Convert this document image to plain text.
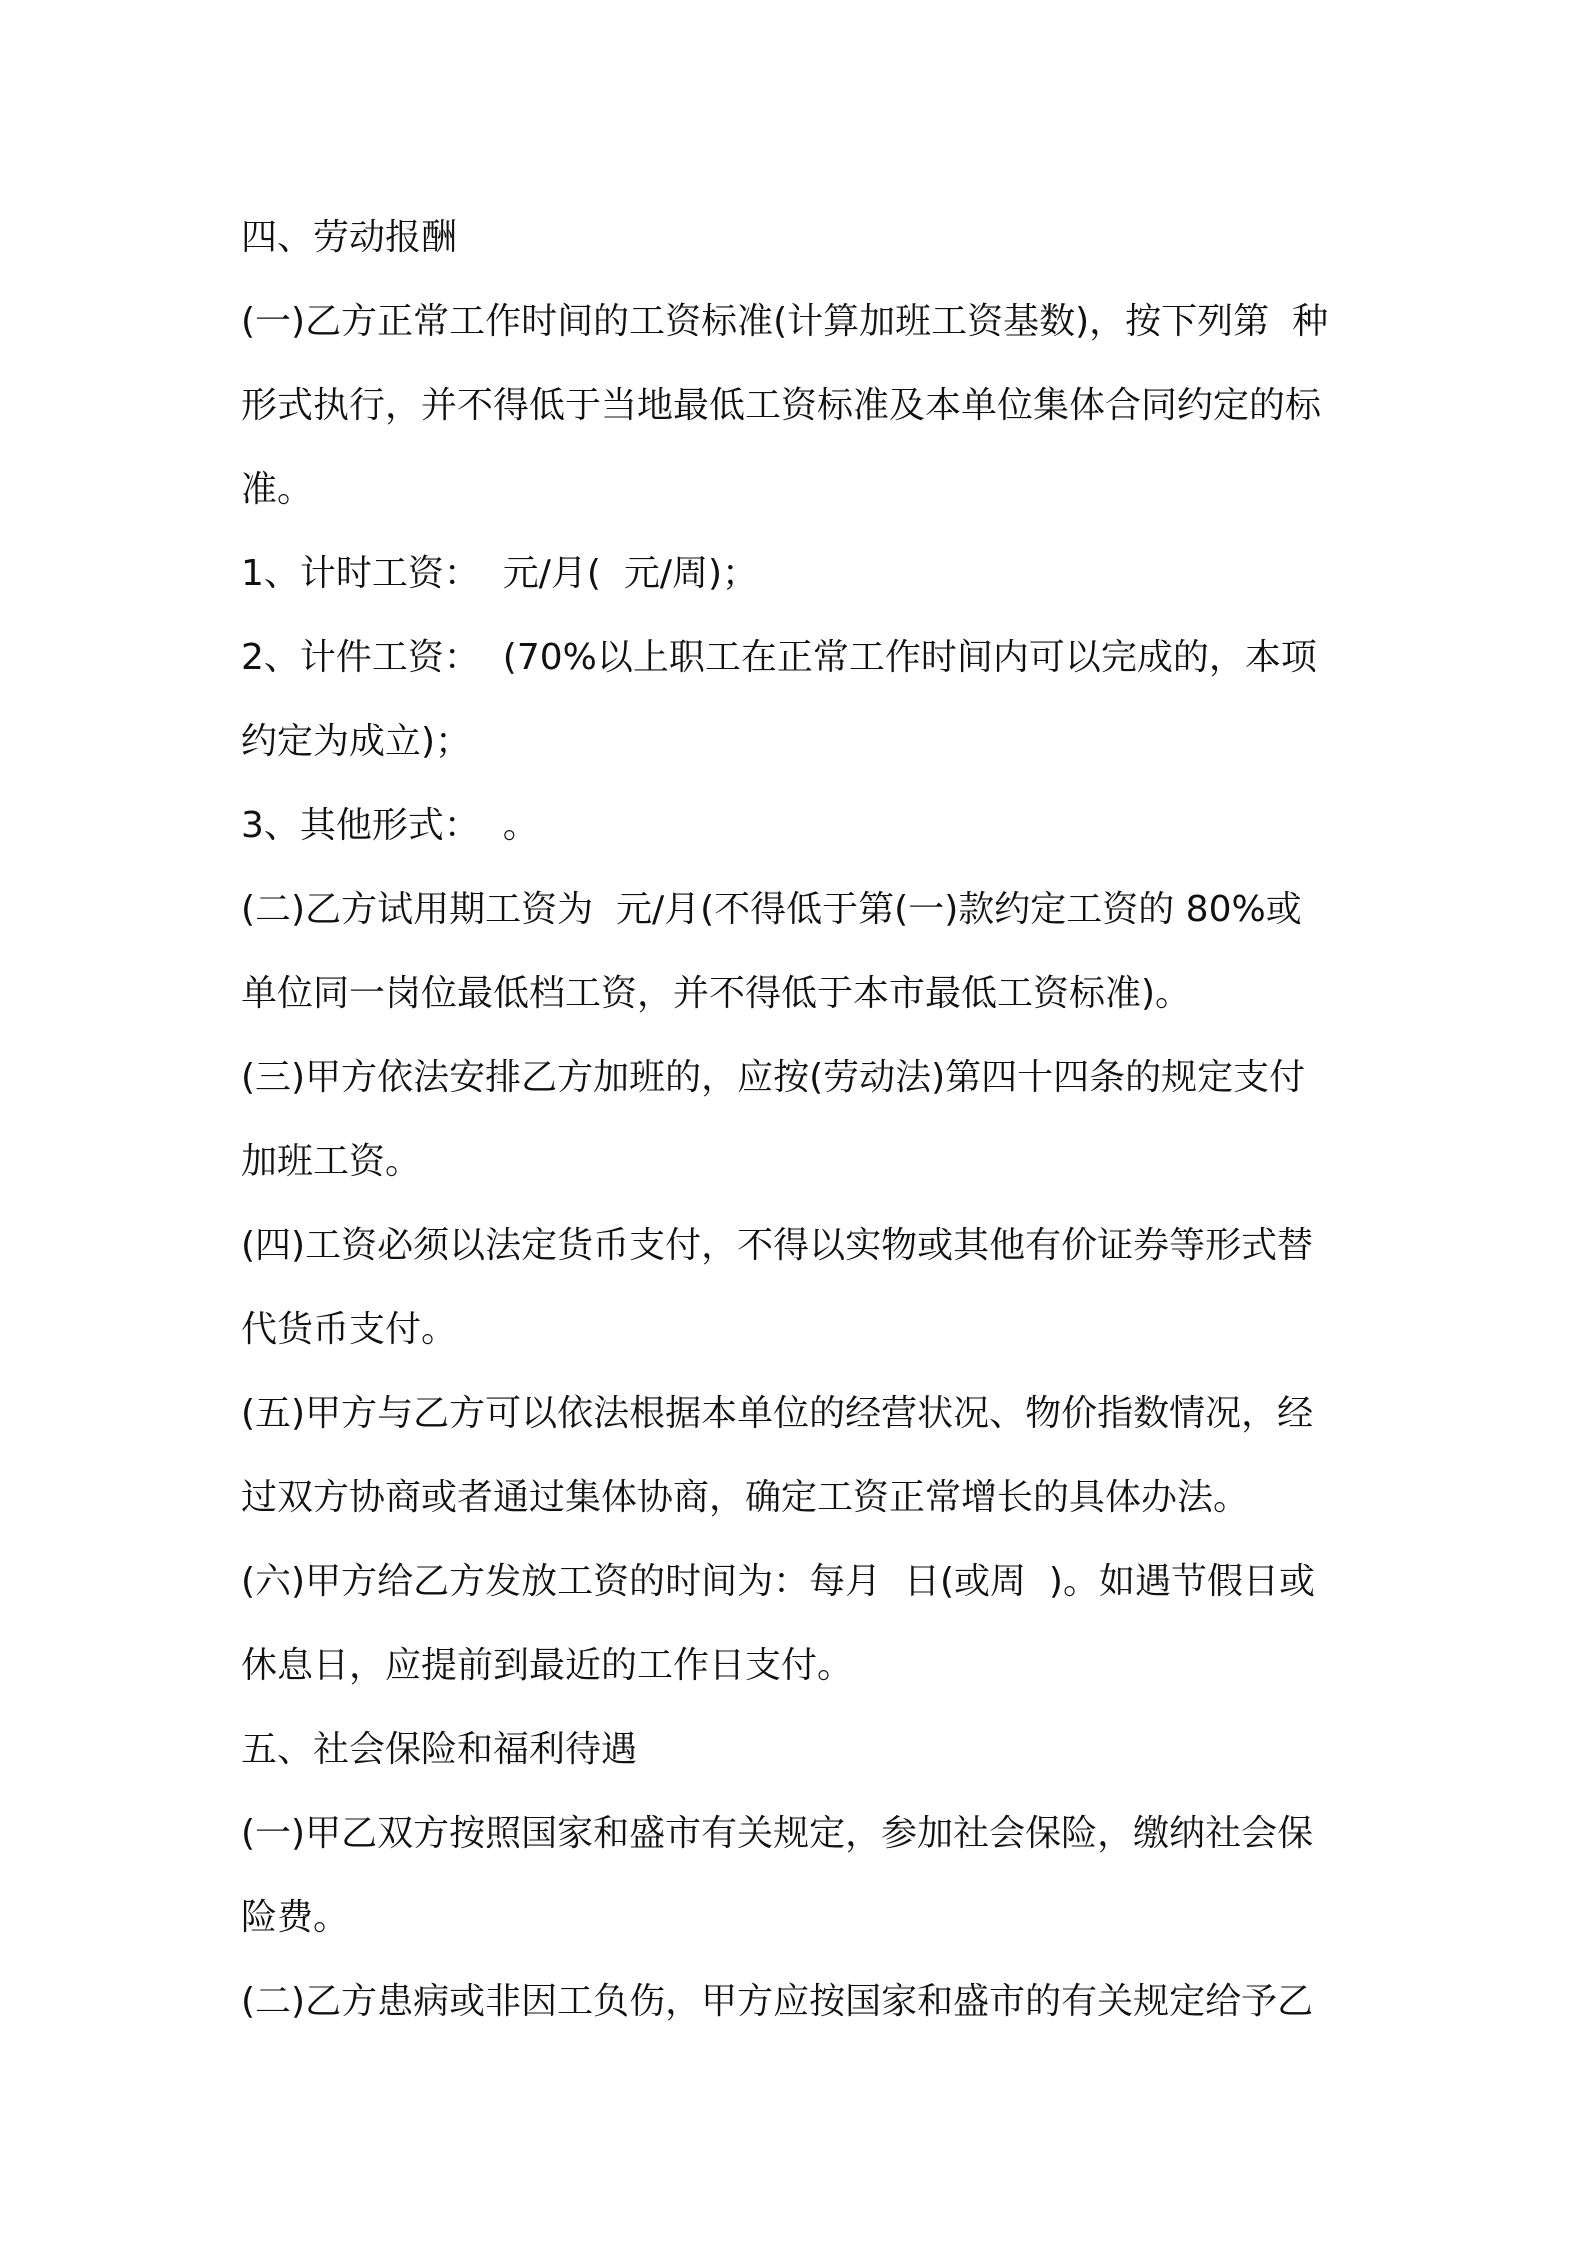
四、劳动报酬
(一)乙方正常工作时间的工资标准(计算加班工资基数)，按下列第  种
形式执行，并不得低于当地最低工资标准及本单位集体合同约定的标
准。
1、计时工资：  元/月(  元/周)；
2、计件工资：  (70%以上职工在正常工作时间内可以完成的，本项
约定为成立)；
3、其他形式：  。
(二)乙方试用期工资为  元/月(不得低于第(一)款约定工资的 80%或
单位同一岗位最低档工资，并不得低于本市最低工资标准)。
(三)甲方依法安排乙方加班的，应按(劳动法)第四十四条的规定支付
加班工资。
(四)工资必须以法定货币支付，不得以实物或其他有价证券等形式替
代货币支付。
(五)甲方与乙方可以依法根据本单位的经营状况、物价指数情况，经
过双方协商或者通过集体协商，确定工资正常增长的具体办法。
(六)甲方给乙方发放工资的时间为：每月  日(或周  )。如遇节假日或
休息日，应提前到最近的工作日支付。
五、社会保险和福利待遇
(一)甲乙双方按照国家和盛市有关规定，参加社会保险，缴纳社会保
险费。
(二)乙方患病或非因工负伤，甲方应按国家和盛市的有关规定给予乙
